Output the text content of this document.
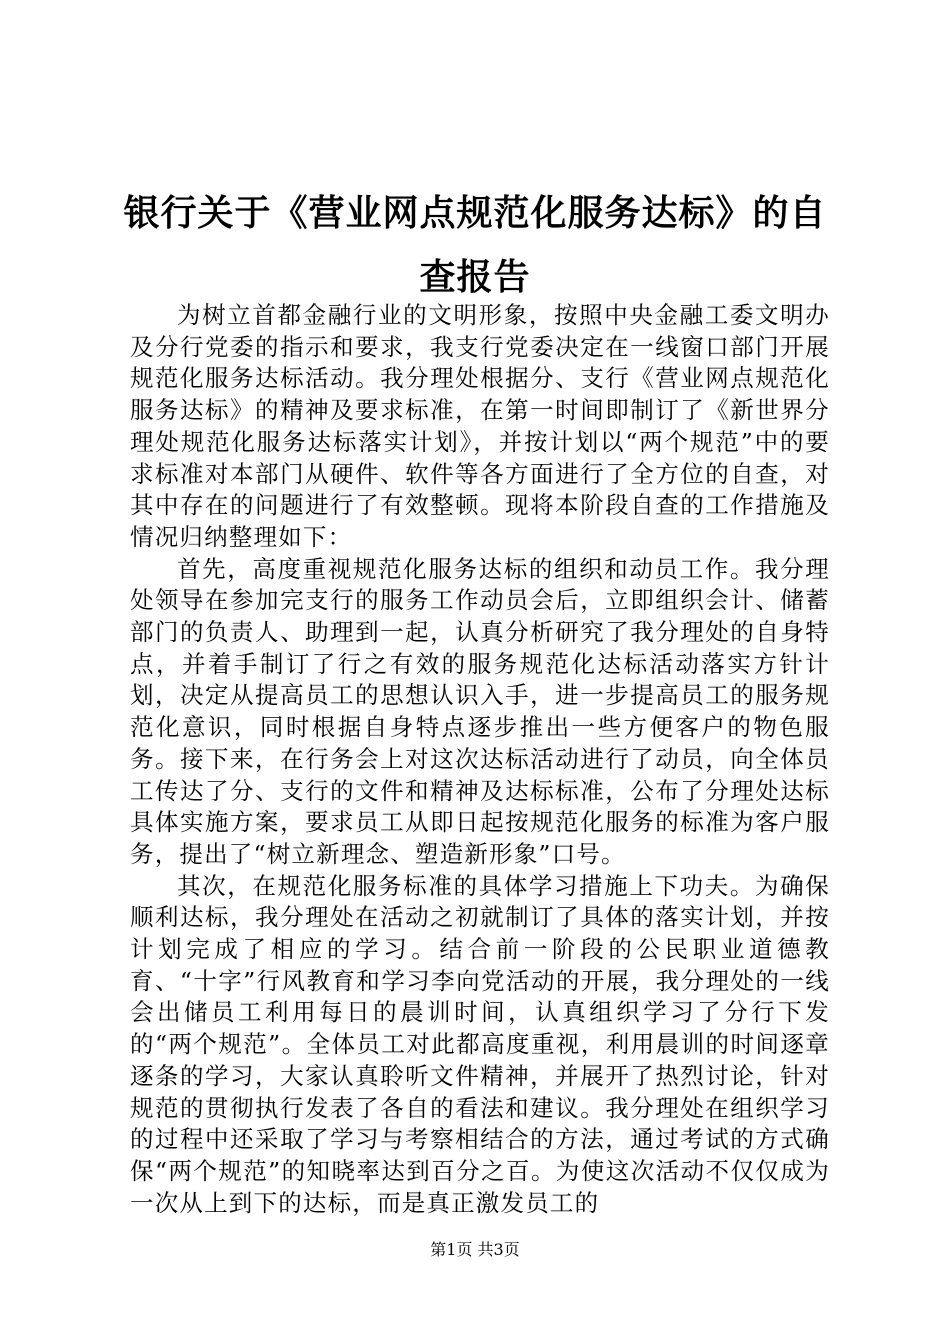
银行关于《营业网点规范化服务达标》的自查报告

为树立首都金融行业的文明形象，按照中央金融工委文明办及分行党委的指示和要求，我支行党委决定在一线窗口部门开展规范化服务达标活动。我分理处根据分、支行《营业网点规范化服务达标》的精神及要求标准，在第一时间即制订了《新世界分理处规范化服务达标落实计划》，并按计划以“两个规范”中的要求标准对本部门从硬件、软件等各方面进行了全方位的自查，对其中存在的问题进行了有效整顿。现将本阶段自查的工作措施及情况归纳整理如下：

首先，高度重视规范化服务达标的组织和动员工作。我分理处领导在参加完支行的服务工作动员会后，立即组织会计、储蓄部门的负责人、助理到一起，认真分析研究了我分理处的自身特点，并着手制订了行之有效的服务规范化达标活动落实方针计划，决定从提高员工的思想认识入手，进一步提高员工的服务规范化意识，同时根据自身特点逐步推出一些方便客户的物色服务。接下来，在行务会上对这次达标活动进行了动员，向全体员工传达了分、支行的文件和精神及达标标准，公布了分理处达标具体实施方案，要求员工从即日起按规范化服务的标准为客户服务，提出了“树立新理念、塑造新形象”口号。

其次，在规范化服务标准的具体学习措施上下功夫。为确保顺利达标，我分理处在活动之初就制订了具体的落实计划，并按计划完成了相应的学习。结合前一阶段的公民职业道德教育、“十字”行风教育和学习李向党活动的开展，我分理处的一线会出储员工利用每日的晨训时间，认真组织学习了分行下发的“两个规范”。全体员工对此都高度重视，利用晨训的时间逐章逐条的学习，大家认真聆听文件精神，并展开了热烈讨论，针对规范的贯彻执行发表了各自的看法和建议。我分理处在组织学习的过程中还采取了学习与考察相结合的方法，通过考试的方式确保“两个规范”的知晓率达到百分之百。为使这次活动不仅仅成为一次从上到下的达标，而是真正激发员工的

第1页 共3页
